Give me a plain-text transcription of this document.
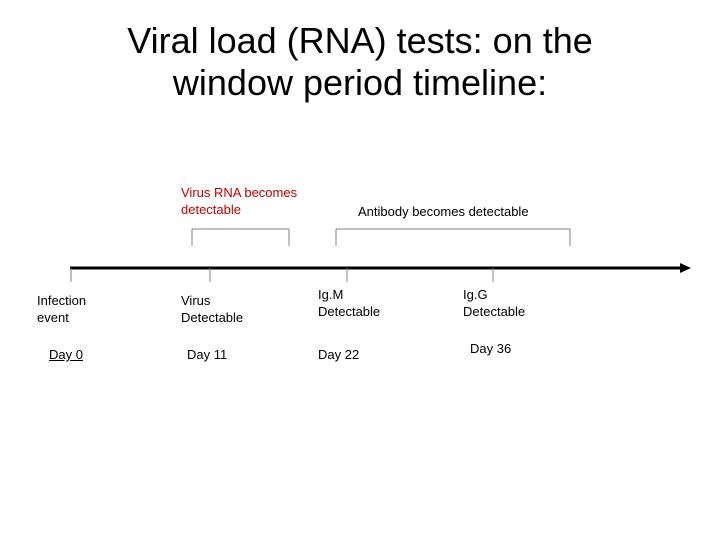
Viral load (RNA) tests: on the
window period timeline:
Virus RNA becomes
detectable	Antibody becomes detectable
Infection
event
Virus
Detectable
Ig.M
Detectable
Ig.G
Detectable
Day 0	Day 11	Day 22	Day 36
